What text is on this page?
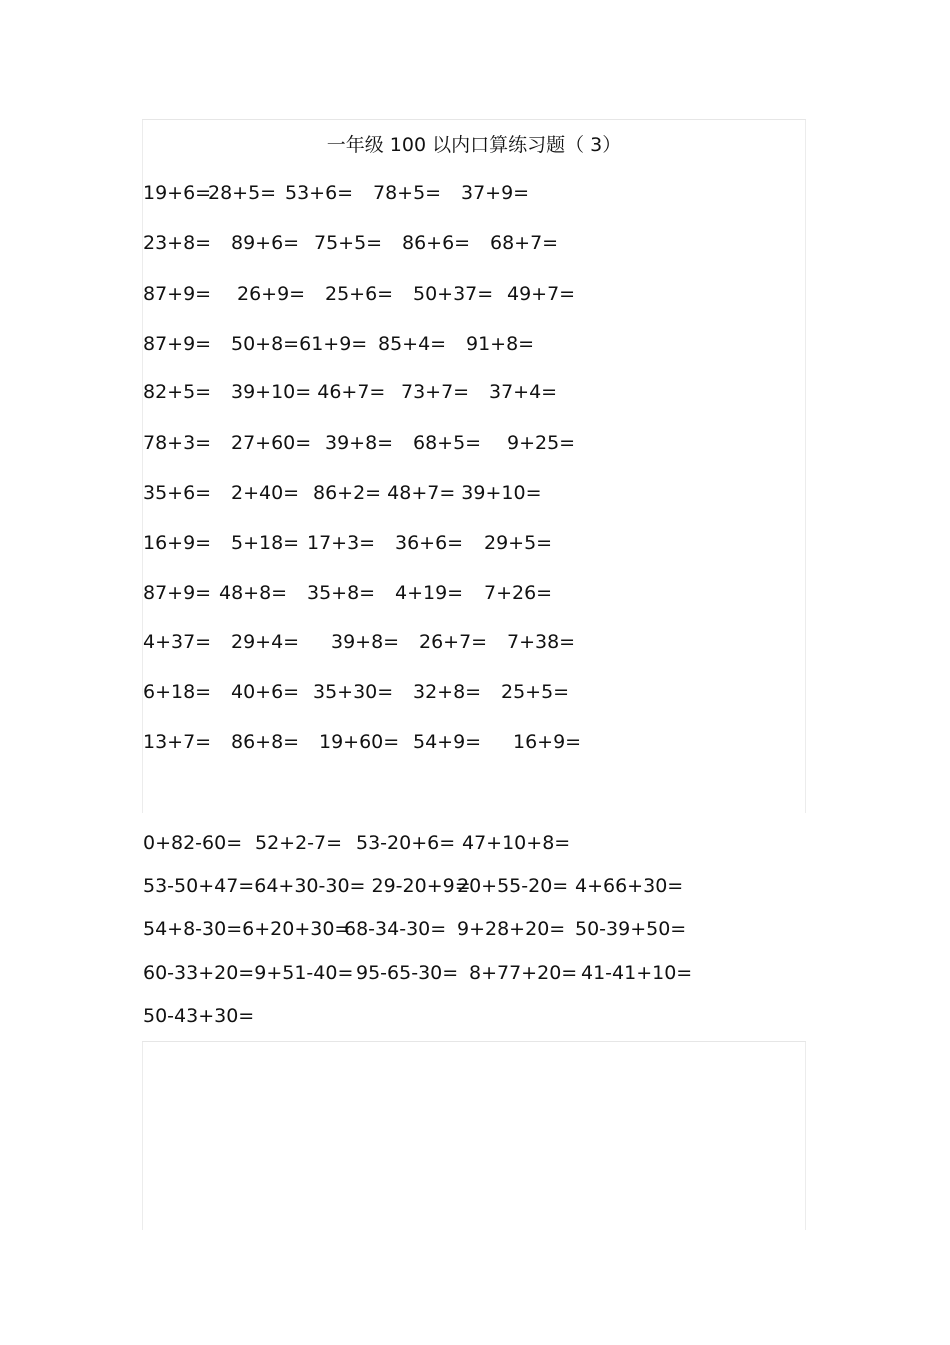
一年级 100 以内口算练习题（ 3）
19+6=
28+5= 53+6= 78+5= 37+9=
23+8= 89+6= 75+5= 86+6= 68+7=
87+9= 26+9= 25+6= 50+37= 49+7=
87+9= 50+8=61+9= 85+4= 91+8=
82+5= 39+10= 46+7= 73+7= 37+4=
78+3= 27+60= 39+8= 68+5= 9+25=
35+6= 2+40= 86+2= 48+7= 39+10=
16+9= 5+18= 17+3= 36+6= 29+5=
87+9= 48+8= 35+8= 4+19= 7+26=
4+37= 29+4= 39+8= 26+7= 7+38=
6+18= 40+6= 35+30= 32+8= 25+5=
13+7= 86+8= 19+60= 54+9= 16+9=
0+82-60= 52+2-7= 53-20+6= 47+10+8=
53-50+47=64+30-30= 29-20+9=
20+55-20= 4+66+30=
54+8-30=6+20+30=
68-34-30= 9+28+20= 50-39+50=
60-33+20=9+51-40= 95-65-30= 8+77+20= 41-41+10=
50-43+30=
